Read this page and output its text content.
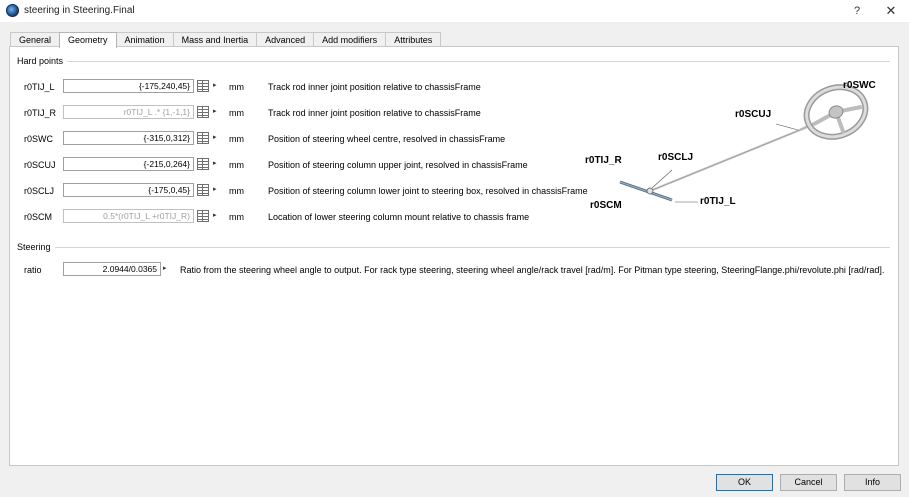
steering in Steering.Final	?	✕
General	Geometry	Animation	Mass and Inertia	Advanced	Add modifiers	Attributes
Hard points
r0TIJ_L	{-175,240,45}	▸ mm	Track rod inner joint position relative to chassisFrame
r0TIJ_R	r0TIJ_L .* {1,-1,1}	▸ mm	Track rod inner joint position relative to chassisFrame
r0SWC	{-315,0,312}	▸ mm	Position of steering wheel centre, resolved in chassisFrame
r0SCUJ	{-215,0,264}	▸ mm	Position of steering column upper joint, resolved in chassisFrame
r0SCLJ	{-175,0,45}	▸ mm	Position of steering column lower joint to steering box, resolved in chassisFrame
r0SCM	0.5*(r0TIJ_L +r0TIJ_R)	▸ mm	Location of lower steering column mount relative to chassis frame
r0SWC
r0SCUJ
r0TIJ_R	r0SCLJ
r0SCM	r0TIJ_L
Steering
ratio	2.0944/0.0365 ▸ Ratio from the steering wheel angle to output. For rack type steering, steering wheel angle/rack travel [rad/m]. For Pitman type steering, SteeringFlange.phi/revolute.phi [rad/rad].
OK	Cancel	Info
